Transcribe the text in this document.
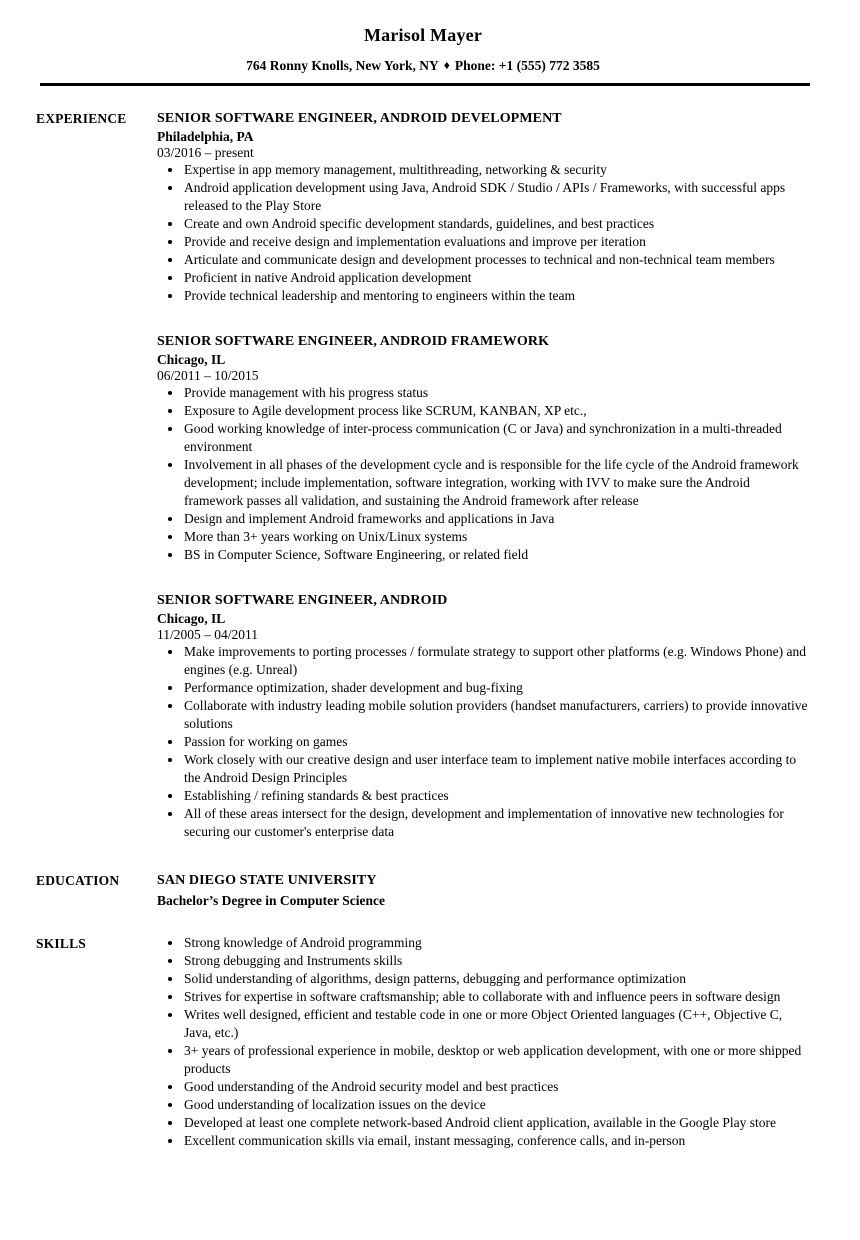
Marisol Mayer
764 Ronny Knolls, New York, NY ♦ Phone: +1 (555) 772 3585
EXPERIENCE	SENIOR SOFTWARE ENGINEER, ANDROID DEVELOPMENT
Philadelphia, PA
03/2016 – present
• Expertise in app memory management, multithreading, networking & security
• Android application development using Java, Android SDK / Studio / APIs / Frameworks, with successful apps released to the Play Store
• Create and own Android specific development standards, guidelines, and best practices
• Provide and receive design and implementation evaluations and improve per iteration
• Articulate and communicate design and development processes to technical and non-technical team members
• Proficient in native Android application development
• Provide technical leadership and mentoring to engineers within the team
SENIOR SOFTWARE ENGINEER, ANDROID FRAMEWORK
Chicago, IL
06/2011 – 10/2015
• Provide management with his progress status
• Exposure to Agile development process like SCRUM, KANBAN, XP etc.,
• Good working knowledge of inter-process communication (C or Java) and synchronization in a multi-threaded environment
• Involvement in all phases of the development cycle and is responsible for the life cycle of the Android framework development; include implementation, software integration, working with IVV to make sure the Android framework passes all validation, and sustaining the Android framework after release
• Design and implement Android frameworks and applications in Java
• More than 3+ years working on Unix/Linux systems
• BS in Computer Science, Software Engineering, or related field
SENIOR SOFTWARE ENGINEER, ANDROID
Chicago, IL
11/2005 – 04/2011
• Make improvements to porting processes / formulate strategy to support other platforms (e.g. Windows Phone) and engines (e.g. Unreal)
• Performance optimization, shader development and bug-fixing
• Collaborate with industry leading mobile solution providers (handset manufacturers, carriers) to provide innovative solutions
• Passion for working on games
• Work closely with our creative design and user interface team to implement native mobile interfaces according to the Android Design Principles
• Establishing / refining standards & best practices
• All of these areas intersect for the design, development and implementation of innovative new technologies for securing our customer's enterprise data
EDUCATION	SAN DIEGO STATE UNIVERSITY
Bachelor’s Degree in Computer Science
SKILLS	• Strong knowledge of Android programming
• Strong debugging and Instruments skills
• Solid understanding of algorithms, design patterns, debugging and performance optimization
• Strives for expertise in software craftsmanship; able to collaborate with and influence peers in software design
• Writes well designed, efficient and testable code in one or more Object Oriented languages (C++, Objective C, Java, etc.)
• 3+ years of professional experience in mobile, desktop or web application development, with one or more shipped products
• Good understanding of the Android security model and best practices
• Good understanding of localization issues on the device
• Developed at least one complete network-based Android client application, available in the Google Play store
• Excellent communication skills via email, instant messaging, conference calls, and in-person
